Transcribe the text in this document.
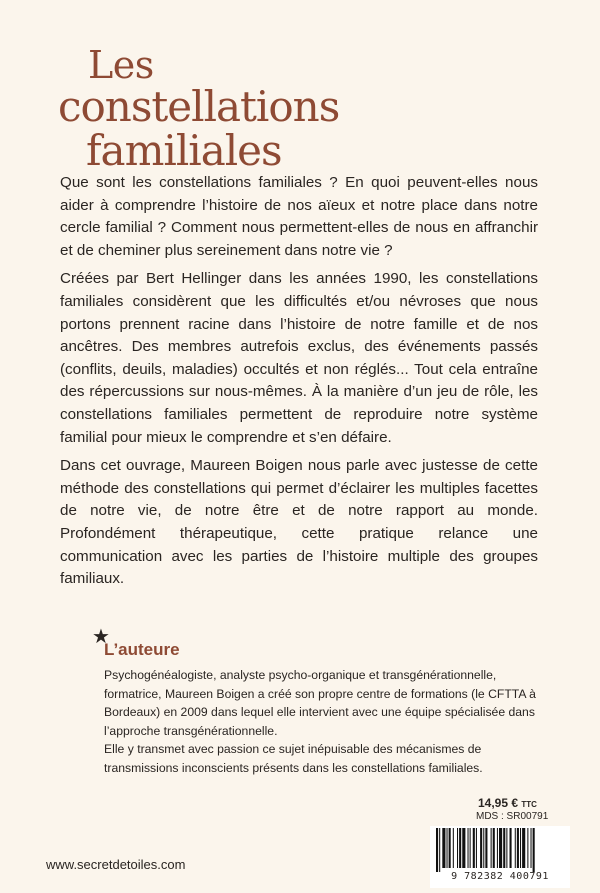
Les
constellations
familiales

Que sont les constellations familiales ? En quoi peuvent-elles nous aider à comprendre l’histoire de nos aïeux et notre place dans notre cercle familial ? Comment nous permettent-elles de nous en affranchir et de cheminer plus sereinement dans notre vie ?

Créées par Bert Hellinger dans les années 1990, les constellations familiales considèrent que les difficultés et/ou névroses que nous portons prennent racine dans l’histoire de notre famille et de nos ancêtres. Des membres autrefois exclus, des événements passés (conflits, deuils, maladies) occultés et non réglés... Tout cela entraîne des répercussions sur nous-mêmes. À la manière d’un jeu de rôle, les constellations familiales permettent de reproduire notre système familial pour mieux le comprendre et s’en défaire.

Dans cet ouvrage, Maureen Boigen nous parle avec justesse de cette méthode des constellations qui permet d’éclairer les multiples facettes de notre vie, de notre être et de notre rapport au monde. Profondément thérapeutique, cette pratique relance une communication avec les parties de l’histoire multiple des groupes familiaux.

★
L’auteure

Psychogénéalogiste, analyste psycho-organique et transgénérationnelle, formatrice, Maureen Boigen a créé son propre centre de formations (le CFTTA à Bordeaux) en 2009 dans lequel elle intervient avec une équipe spécialisée dans l’approche transgénérationnelle.

Elle y transmet avec passion ce sujet inépuisable des mécanismes de transmissions inconscients présents dans les constellations familiales.

14,95 € TTC
MDS : SR00791
9 782382 400791
www.secretdetoiles.com
